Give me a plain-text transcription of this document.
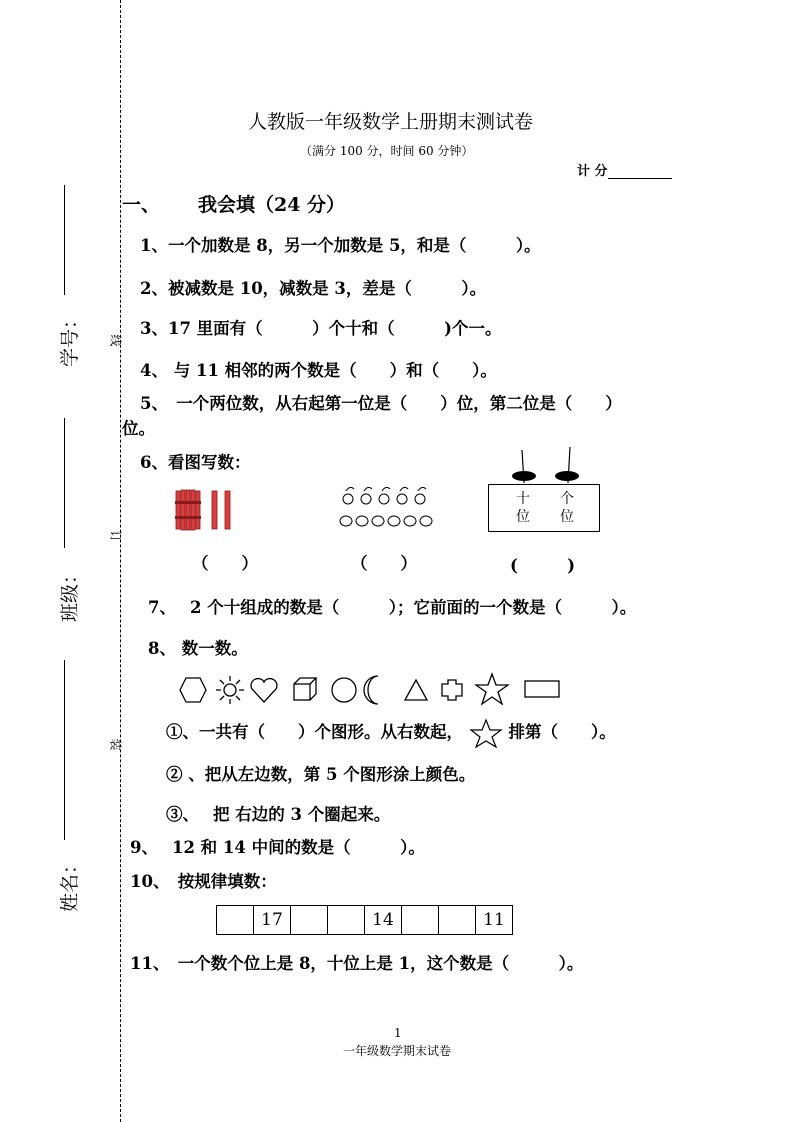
学号：
班级：
姓名：
线
订
装
人教版一年级数学上册期末测试卷
（满分 100 分，时间 60 分钟）
计 分
一、 我会填（24 分）
1、一个加数是 8，另一个加数是 5，和是（　　　）。
2、被减数是 10，减数是 3，差是（　　　）。
3、17 里面有（　　　）个十和（　　　)个一。
4、 与 11 相邻的两个数是（　　）和（　　）。
5、　一个两位数，从右起第一位是（　　）位，第二位是（　　）
位。
6、看图写数：
十
位
个
位
（　　）	（　　）	(　　　)
7、　 2 个十组成的数是（　　　）；它前面的一个数是（　　　）。
8、 数一数。
①、一共有（　　）个图形。从右数起，	排第（　　）。
② 、把从左边数，第 5 个图形涂上颜色。
③、　 把 右边的 3 个圈起来。
9、　 12 和 14 中间的数是（　　　）。
10、　按规律填数：
	17			14			11
11、　一个数个位上是 8，十位上是 1，这个数是（　　　）。
1
一年级数学期末试卷
